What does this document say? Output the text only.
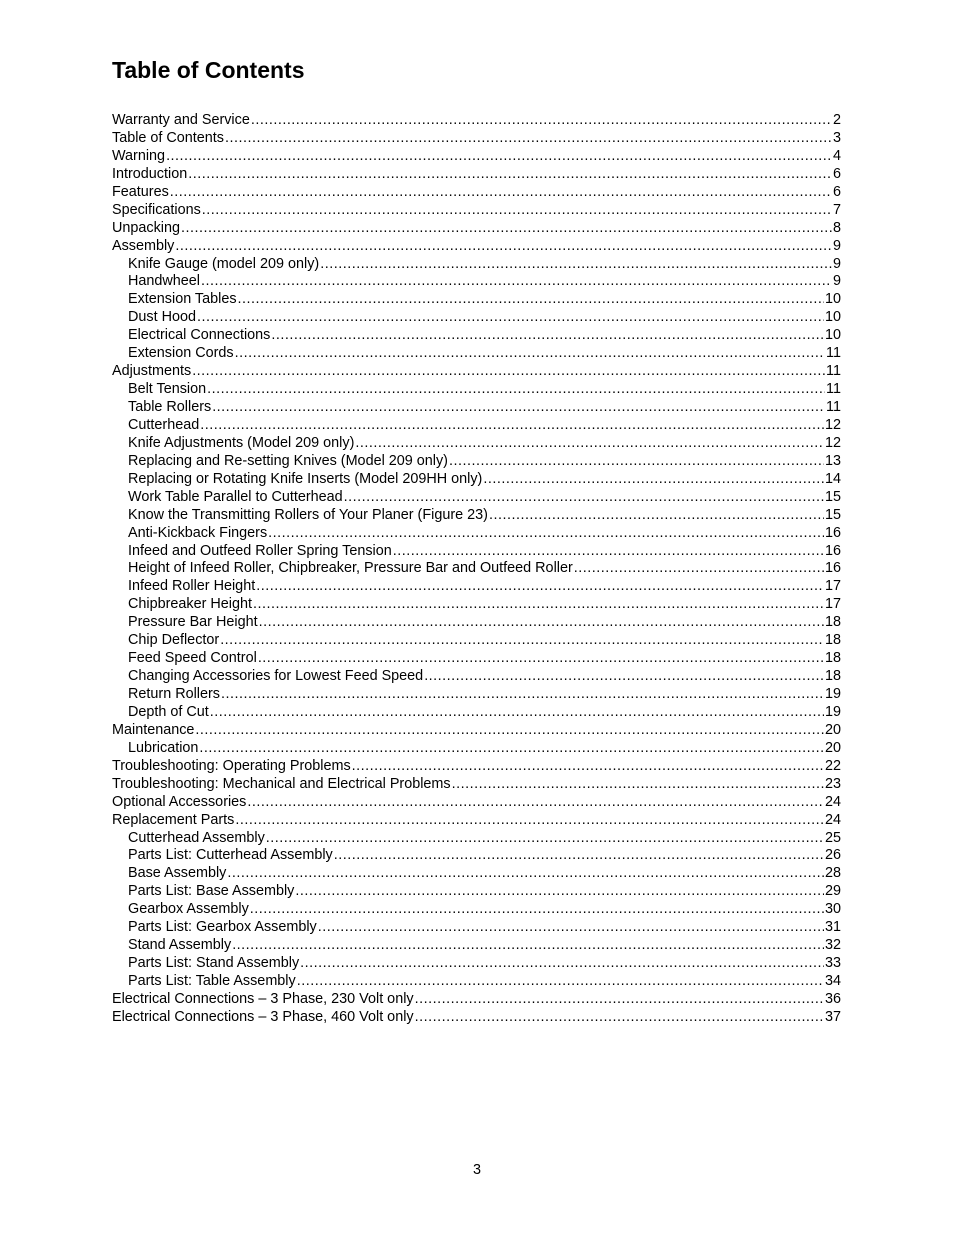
Table of Contents
Warranty and Service .....	2
Table of Contents .....	3
Warning .....	4
Introduction .....	6
Features .....	6
Specifications .....	7
Unpacking .....	8
Assembly .....	9
Knife Gauge (model 209 only) .....	9
Handwheel .....	9
Extension Tables .....	10
Dust Hood .....	10
Electrical Connections .....	10
Extension Cords .....	11
Adjustments .....	11
Belt Tension .....	11
Table Rollers .....	11
Cutterhead .....	12
Knife Adjustments (Model 209 only) .....	12
Replacing and Re-setting Knives (Model 209 only) .....	13
Replacing or Rotating Knife Inserts (Model 209HH only) .....	14
Work Table Parallel to Cutterhead .....	15
Know the Transmitting Rollers of Your Planer (Figure 23) .....	15
Anti-Kickback Fingers .....	16
Infeed and Outfeed Roller Spring Tension .....	16
Height of Infeed Roller, Chipbreaker, Pressure Bar and Outfeed Roller .....	16
Infeed Roller Height .....	17
Chipbreaker Height .....	17
Pressure Bar Height .....	18
Chip Deflector .....	18
Feed Speed Control .....	18
Changing Accessories for Lowest Feed Speed .....	18
Return Rollers .....	19
Depth of Cut .....	19
Maintenance .....	20
Lubrication .....	20
Troubleshooting: Operating Problems .....	22
Troubleshooting: Mechanical and Electrical Problems .....	23
Optional Accessories .....	24
Replacement Parts .....	24
Cutterhead Assembly .....	25
Parts List: Cutterhead Assembly .....	26
Base Assembly .....	28
Parts List: Base Assembly .....	29
Gearbox Assembly .....	30
Parts List: Gearbox Assembly .....	31
Stand Assembly .....	32
Parts List: Stand Assembly .....	33
Parts List: Table Assembly .....	34
Electrical Connections – 3 Phase, 230 Volt only .....	36
Electrical Connections – 3 Phase, 460 Volt only .....	37
3
